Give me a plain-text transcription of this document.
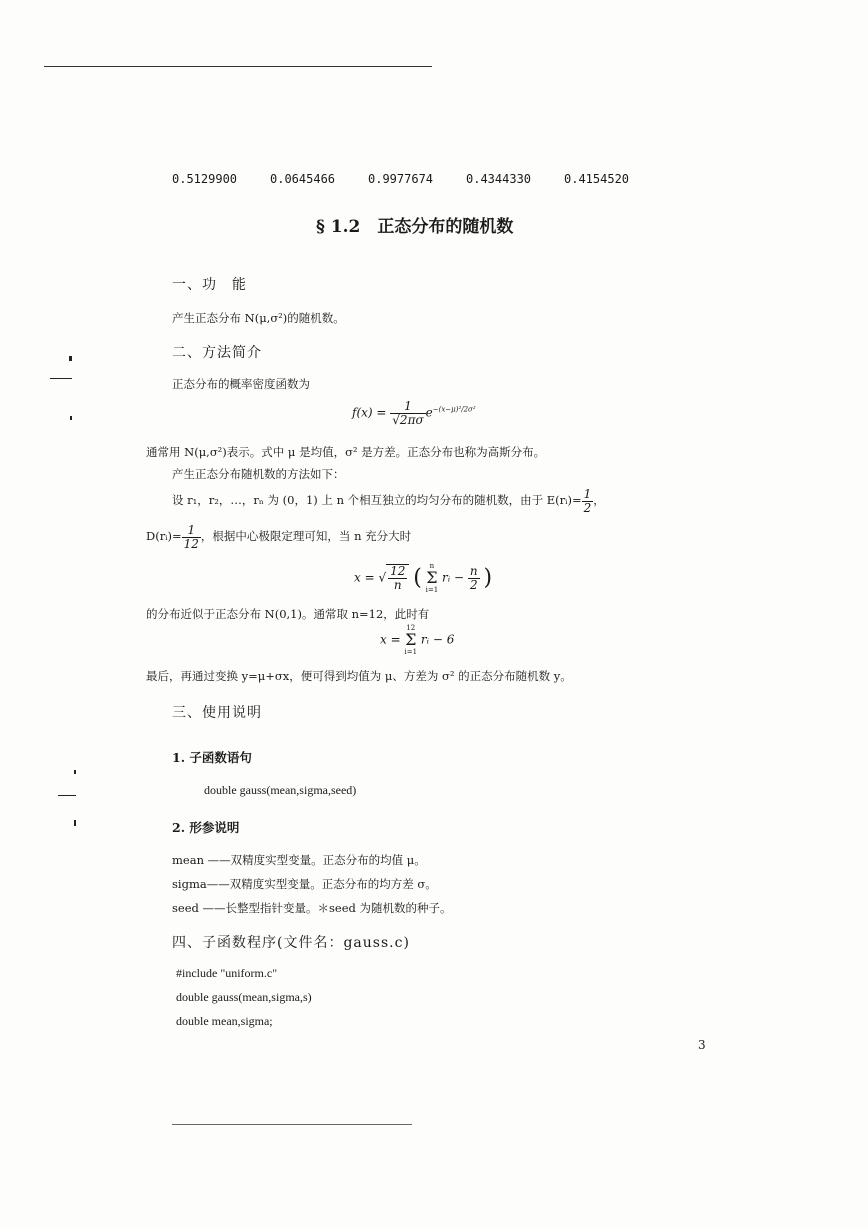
0.5129900	0.0645466	0.9977674	0.4344330	0.4154520
§ 1.2　正态分布的随机数
一、功　能
产生正态分布 N(μ,σ²)的随机数。
二、方法简介
正态分布的概率密度函数为
$f(x) = \frac{1}{√2\pi\sigma} e^{-(x-\mu)^2/2\sigma^2}$
通常用 N(μ,σ²)表示。式中 μ 是均值，σ² 是方差。正态分布也称为高斯分布。
产生正态分布随机数的方法如下：
设 r₁，r₂，…，rₙ 为 (0，1) 上 n 个相互独立的均匀分布的随机数，由于 E(rᵢ)= $\frac{1}{2}$ ，
D(rᵢ)= $\frac{1}{12}$ ，根据中心极限定理可知，当 n 充分大时
x = √ $\frac{12}{n}$ ( n
Σ
i=1
rᵢ − $\frac{n}{2}$ )
的分布近似于正态分布 N(0,1)。通常取 n=12，此时有
x =
12
Σ
i=1
rᵢ − 6
最后，再通过变换 y=μ+σx，便可得到均值为 μ、方差为 σ² 的正态分布随机数 y。
三、使用说明
1. 子函数语句
double gauss(mean,sigma,seed)
2. 形参说明
mean ——双精度实型变量。正态分布的均值 μ。
sigma——双精度实型变量。正态分布的均方差 σ。
seed ——长整型指针变量。＊seed 为随机数的种子。
四、子函数程序(文件名：gauss.c)
#include "uniform.c"
double gauss(mean,sigma,s)
double mean,sigma;
3
